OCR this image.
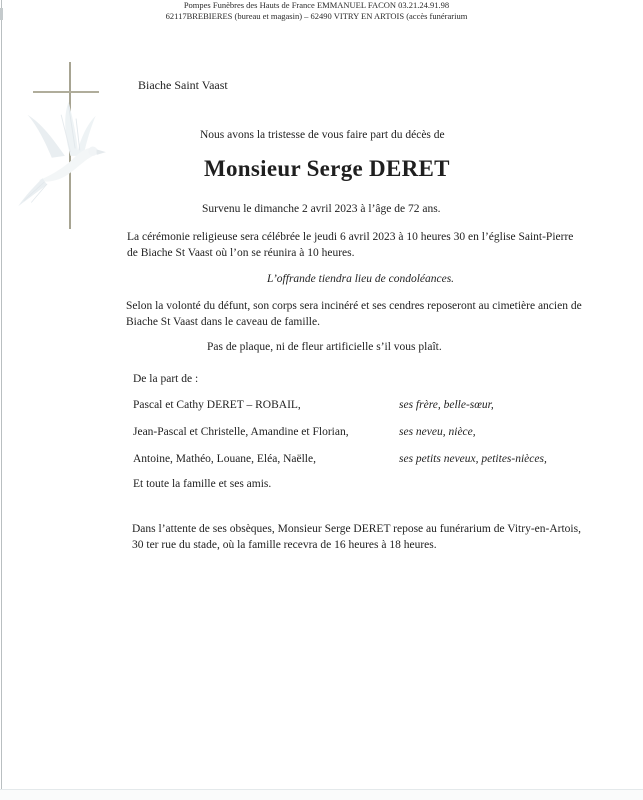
Biache Saint Vaast
Nous avons la tristesse de vous faire part du décès de
Monsieur Serge DERET
Survenu le dimanche 2 avril 2023 à l’âge de 72 ans.
La cérémonie religieuse sera célébrée le jeudi 6 avril 2023 à 10 heures 30 en l’église Saint-Pierre de Biache St Vaast où l’on se réunira à 10 heures.
L’offrande tiendra lieu de condoléances.
Selon la volonté du défunt, son corps sera incinéré et ses cendres reposeront au cimetière ancien de Biache St Vaast dans le caveau de famille.
Pas de plaque, ni de fleur artificielle s’il vous plaît.
De la part de :
Pascal et Cathy DERET – ROBAIL,	ses frère, belle-sœur,
Jean-Pascal et Christelle, Amandine et Florian,	ses neveu, nièce,
Antoine, Mathéo, Louane, Eléa, Naëlle,	ses petits neveux, petites-nièces,
Et toute la famille et ses amis.
Dans l’attente de ses obsèques, Monsieur Serge DERET repose au funérarium de Vitry-en-Artois, 30 ter rue du stade, où la famille recevra de 16 heures à 18 heures.
Pompes Funèbres des Hauts de France EMMANUEL FACON 03.21.24.91.98
62117BREBIERES (bureau et magasin) – 62490 VITRY EN ARTOIS (accès funérarium
